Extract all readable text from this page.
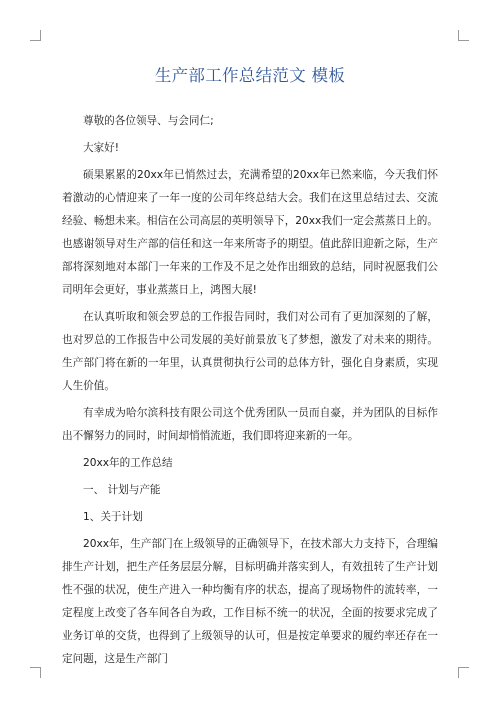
生产部工作总结范文 模板

尊敬的各位领导、与会同仁;

大家好!

硕果累累的20xx年已悄然过去，充满希望的20xx年已然来临，今天我们怀着激动的心情迎来了一年一度的公司年终总结大会。我们在这里总结过去、交流经验、畅想未来。相信在公司高层的英明领导下，20xx我们一定会蒸蒸日上的。也感谢领导对生产部的信任和这一年来所寄予的期望。值此辞旧迎新之际，生产部将深刻地对本部门一年来的工作及不足之处作出细致的总结，同时祝愿我们公司明年会更好，事业蒸蒸日上，鸿图大展!

在认真听取和领会罗总的工作报告同时，我们对公司有了更加深刻的了解，也对罗总的工作报告中公司发展的美好前景放飞了梦想，激发了对未来的期待。生产部门将在新的一年里，认真贯彻执行公司的总体方针，强化自身素质，实现人生价值。

有幸成为哈尔滨科技有限公司这个优秀团队一员而自豪，并为团队的目标作出不懈努力的同时，时间却悄悄流逝，我们即将迎来新的一年。

20xx年的工作总结

一、 计划与产能

1、关于计划

20xx年，生产部门在上级领导的正确领导下，在技术部大力支持下，合理编排生产计划，把生产任务层层分解，目标明确并落实到人，有效扭转了生产计划性不强的状况，使生产进入一种均衡有序的状态，提高了现场物件的流转率，一定程度上改变了各车间各自为政，工作目标不统一的状况，全面的按要求完成了业务订单的交货，也得到了上级领导的认可，但是按定单要求的履约率还存在一定问题，这是生产部门
